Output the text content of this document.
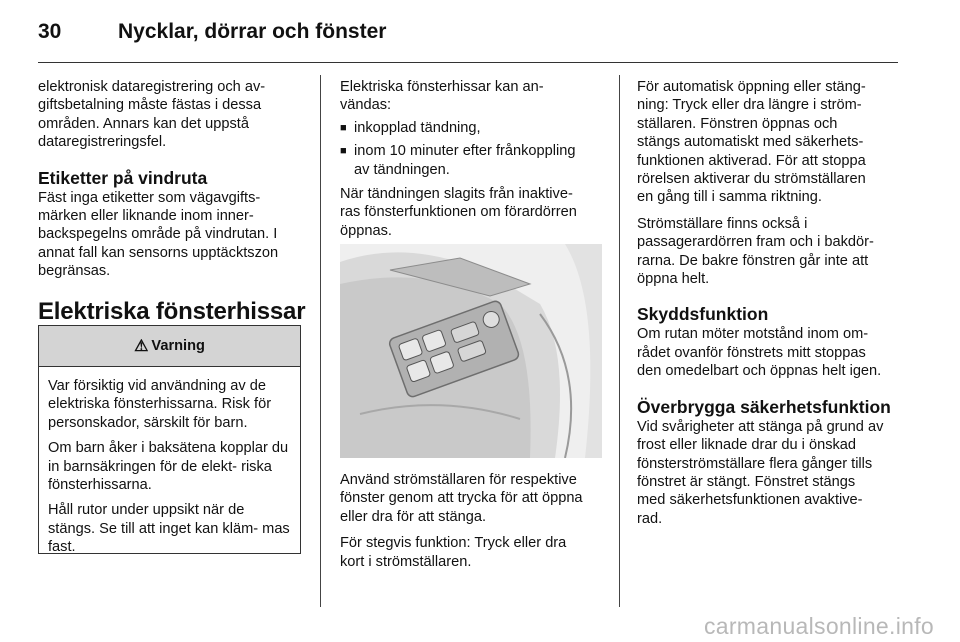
30	Nycklar, dörrar och fönster

elektronisk dataregistrering och av-
giftsbetalning måste fästas i dessa
områden. Annars kan det uppstå
dataregistreringsfel.

Etiketter på vindruta

Fäst inga etiketter som vägavgifts-
märken eller liknande inom inner-
backspegelns område på vindrutan. I
annat fall kan sensorns upptäcktszon
begränsas.

Elektriska fönsterhissar
⚠ Varning

Var försiktig vid användning av de elektriska fönsterhissarna. Risk för personskador, särskilt för barn.

Om barn åker i baksätena kopplar du in barnsäkringen för de elekt- riska fönsterhissarna.

Håll rutor under uppsikt när de stängs. Se till att inget kan kläm- mas fast.

Elektriska fönsterhissar kan an-
vändas:

■ inkopplad tändning,
■ inom 10 minuter efter frånkoppling
av tändningen.

När tändningen slagits från inaktive-
ras fönsterfunktionen om förardörren
öppnas.

Använd strömställaren för respektive
fönster genom att trycka för att öppna
eller dra för att stänga.

För stegvis funktion: Tryck eller dra
kort i strömställaren.

För automatisk öppning eller stäng-
ning: Tryck eller dra längre i ström-
ställaren. Fönstren öppnas och
stängs automatiskt med säkerhets-
funktionen aktiverad. För att stoppa
rörelsen aktiverar du strömställaren
en gång till i samma riktning.

Strömställare finns också i
passagerardörren fram och i bakdör-
rarna. De bakre fönstren går inte att
öppna helt.

Skyddsfunktion

Om rutan möter motstånd inom om-
rådet ovanför fönstrets mitt stoppas
den omedelbart och öppnas helt igen.

Överbrygga säkerhetsfunktion

Vid svårigheter att stänga på grund av
frost eller liknade drar du i önskad
fönsterströmställare flera gånger tills
fönstret är stängt. Fönstret stängs
med säkerhetsfunktionen avaktive-
rad.

carmanualsonline.info
